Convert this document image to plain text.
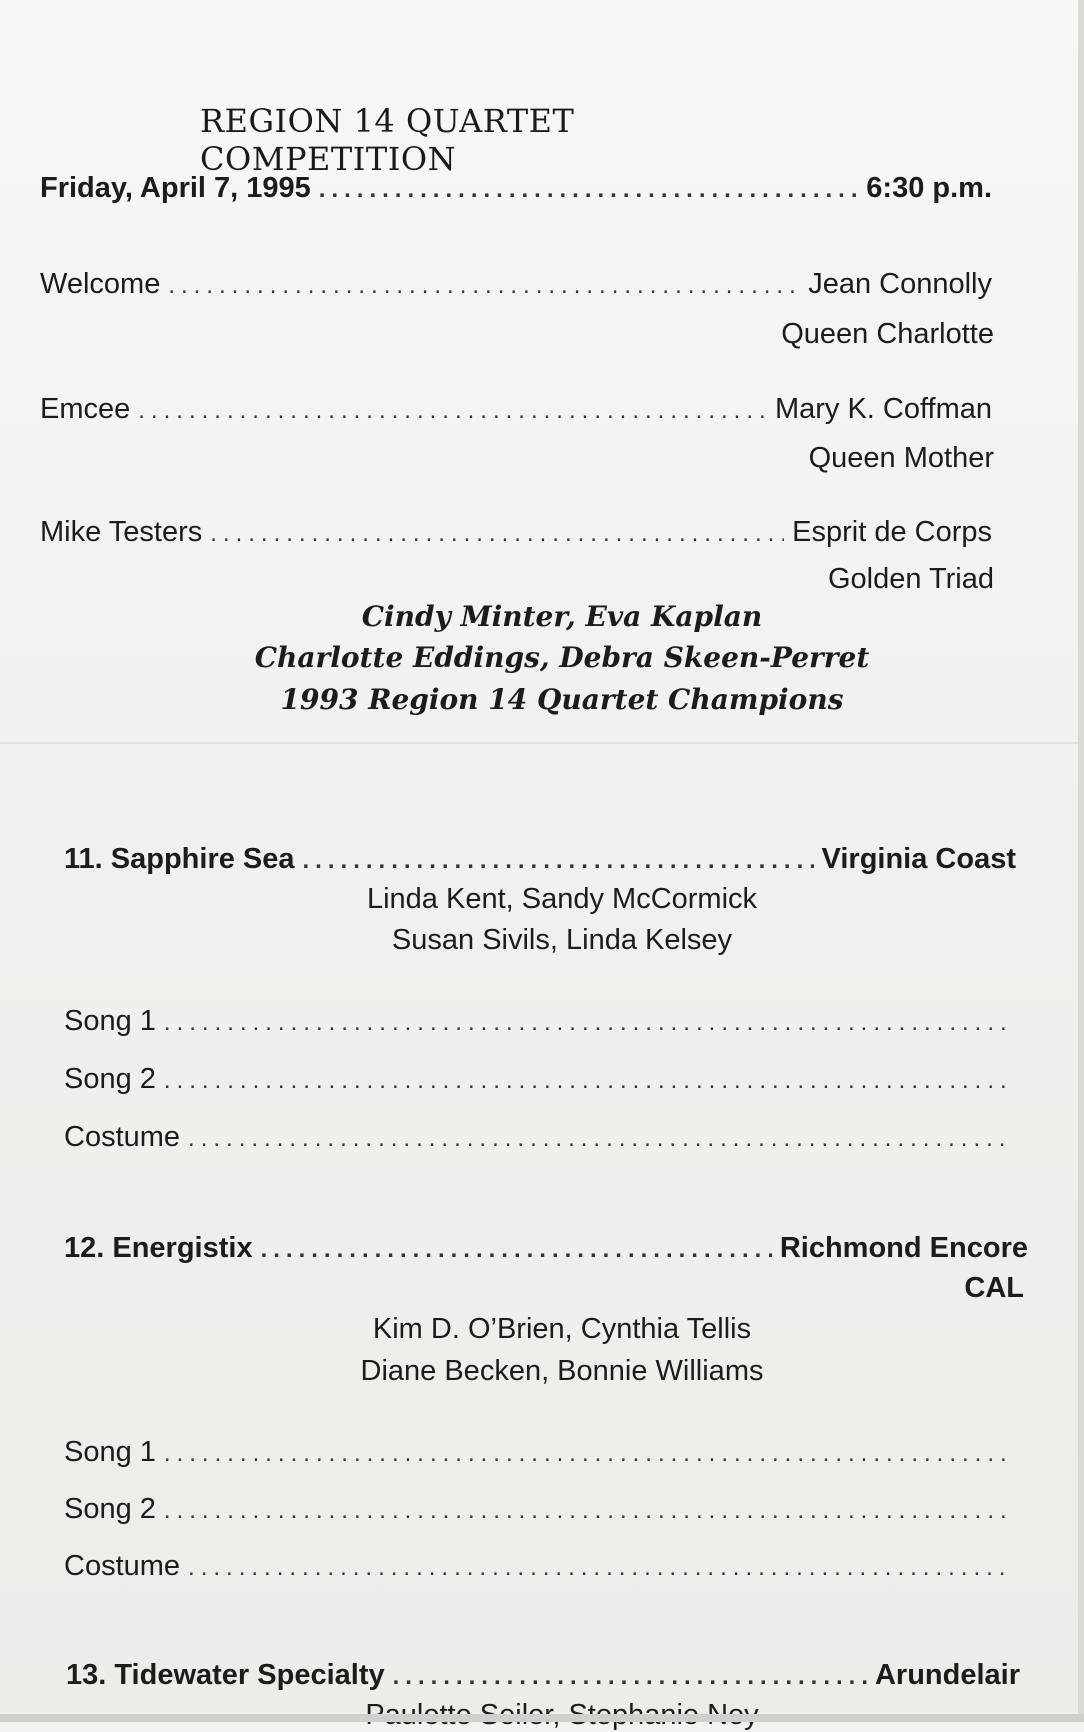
REGION 14 QUARTET COMPETITION
Friday, April 7, 1995 .....	6:30 p.m.
Welcome .....	Jean Connolly
Queen Charlotte
Emcee .....	Mary K. Coffman
Queen Mother
Mike Testers .....	Esprit de Corps
Golden Triad
Cindy Minter, Eva Kaplan
Charlotte Eddings, Debra Skeen-Perret
1993 Region 14 Quartet Champions
11. Sapphire Sea .....	Virginia Coast
Linda Kent, Sandy McCormick
Susan Sivils, Linda Kelsey
Song 1
.....
Song 2
.....
Costume
.....
12. Energistix .....	Richmond Encore
CAL
Kim D. O’Brien, Cynthia Tellis
Diane Becken, Bonnie Williams
Song 1
.....
Song 2
.....
Costume
.....
13. Tidewater Specialty .....	Arundelair
